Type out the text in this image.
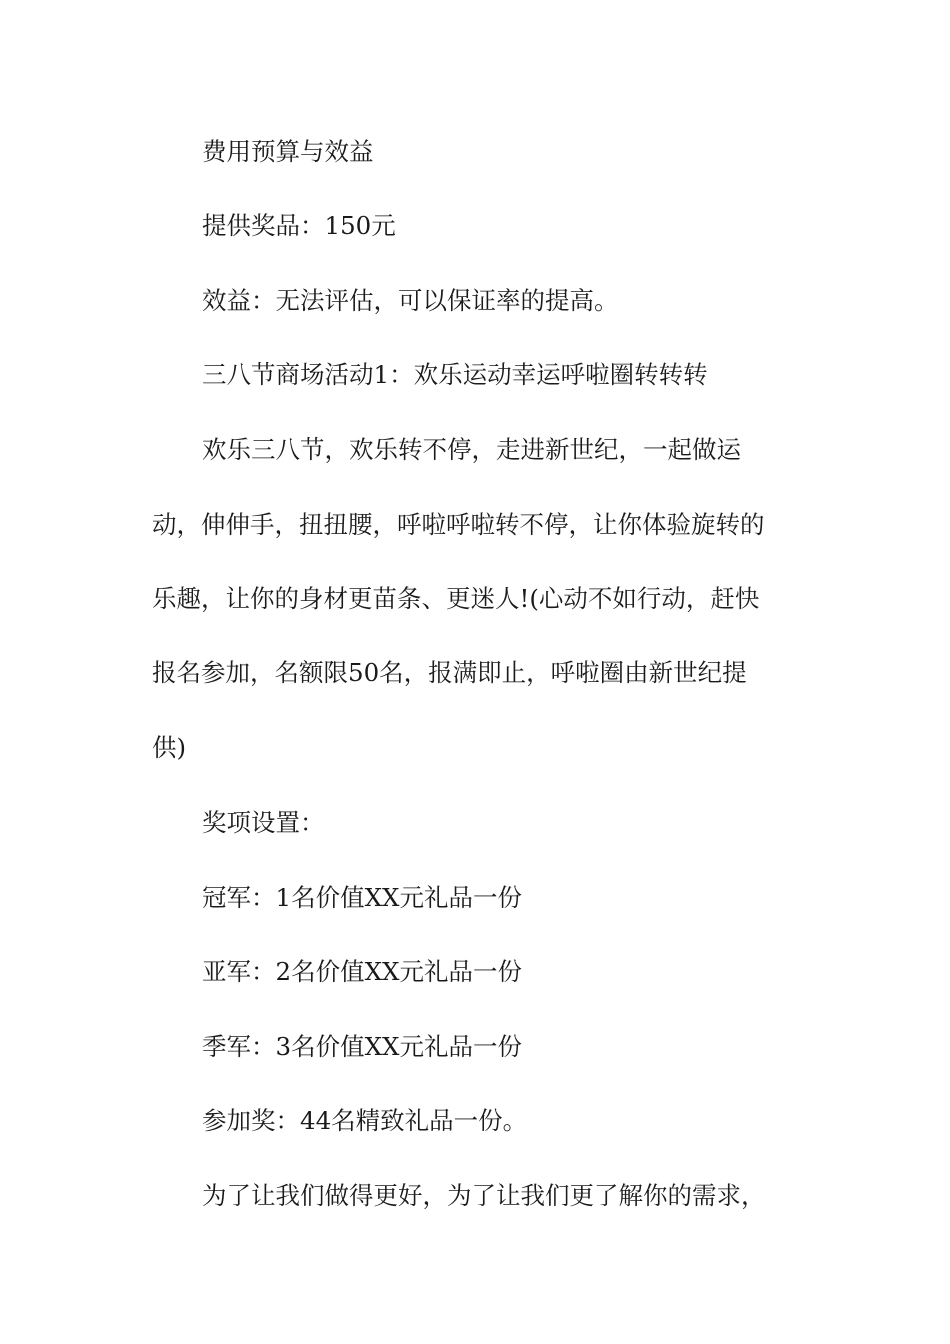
费用预算与效益
提供奖品：150元
效益：无法评估，可以保证率的提高。
三八节商场活动1：欢乐运动幸运呼啦圈转转转
欢乐三八节，欢乐转不停，走进新世纪，一起做运
动，伸伸手，扭扭腰，呼啦呼啦转不停，让你体验旋转的
乐趣，让你的身材更苗条、更迷人!(心动不如行动，赶快
报名参加，名额限50名，报满即止，呼啦圈由新世纪提
供)
奖项设置：
冠军：1名价值XX元礼品一份
亚军：2名价值XX元礼品一份
季军：3名价值XX元礼品一份
参加奖：44名精致礼品一份。
为了让我们做得更好，为了让我们更了解你的需求，
